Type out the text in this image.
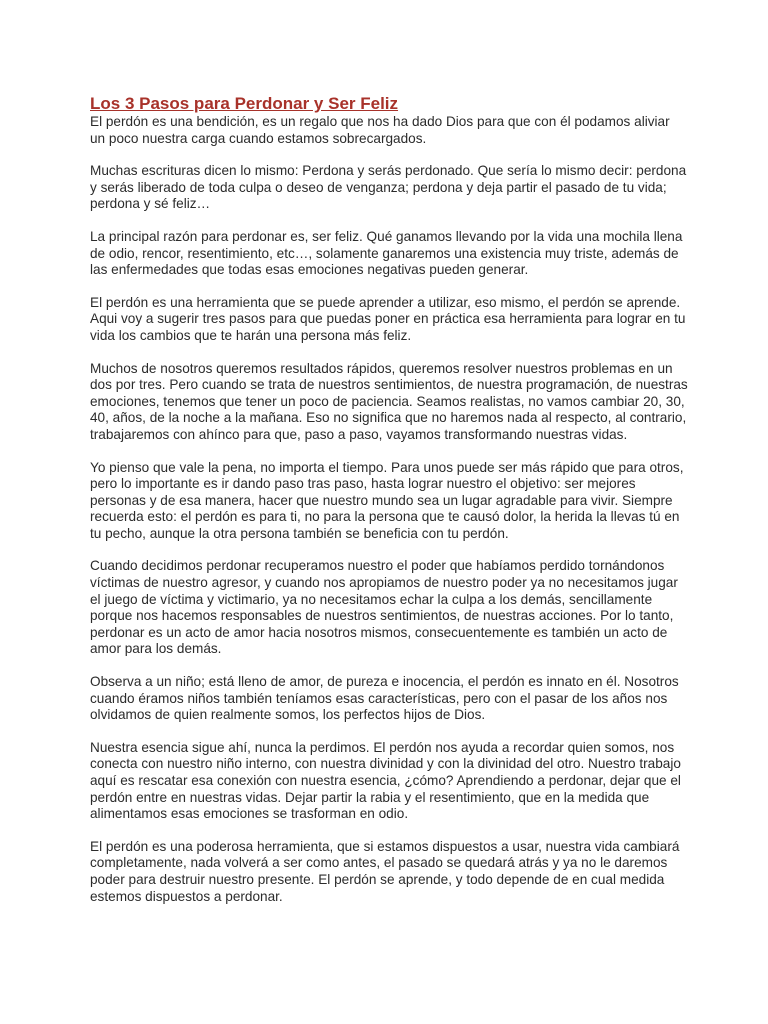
Los 3 Pasos para Perdonar y Ser Feliz

El perdón es una bendición, es un regalo que nos ha dado Dios para que con él podamos aliviar un poco nuestra carga cuando estamos sobrecargados.

Muchas escrituras dicen lo mismo: Perdona y serás perdonado. Que sería lo mismo decir: perdona y serás liberado de toda culpa o deseo de venganza; perdona y deja partir el pasado de tu vida; perdona y sé feliz…

La principal razón para perdonar es, ser feliz. Qué ganamos llevando por la vida una mochila llena de odio, rencor, resentimiento, etc…, solamente ganaremos una existencia muy triste, además de las enfermedades que todas esas emociones negativas pueden generar.

El perdón es una herramienta que se puede aprender a utilizar, eso mismo, el perdón se aprende. Aqui voy a sugerir tres pasos para que puedas poner en práctica esa herramienta para lograr en tu vida los cambios que te harán una persona más feliz.

Muchos de nosotros queremos resultados rápidos, queremos resolver nuestros problemas en un dos por tres. Pero cuando se trata de nuestros sentimientos, de nuestra programación, de nuestras emociones, tenemos que tener un poco de paciencia. Seamos realistas, no vamos cambiar 20, 30, 40, años, de la noche a la mañana. Eso no significa que no haremos nada al respecto, al contrario, trabajaremos con ahínco para que, paso a paso, vayamos transformando nuestras vidas.

Yo pienso que vale la pena, no importa el tiempo. Para unos puede ser más rápido que para otros, pero lo importante es ir dando paso tras paso, hasta lograr nuestro el objetivo: ser mejores personas y de esa manera, hacer que nuestro mundo sea un lugar agradable para vivir. Siempre recuerda esto: el perdón es para ti, no para la persona que te causó dolor, la herida la llevas tú en tu pecho, aunque la otra persona también se beneficia con tu perdón.

Cuando decidimos perdonar recuperamos nuestro el poder que habíamos perdido tornándonos víctimas de nuestro agresor, y cuando nos apropiamos de nuestro poder ya no necesitamos jugar el juego de víctima y victimario, ya no necesitamos echar la culpa a los demás, sencillamente porque nos hacemos responsables de nuestros sentimientos, de nuestras acciones. Por lo tanto, perdonar es un acto de amor hacia nosotros mismos, consecuentemente es también un acto de amor para los demás.

Observa a un niño; está lleno de amor, de pureza e inocencia, el perdón es innato en él. Nosotros cuando éramos niños también teníamos esas características, pero con el pasar de los años nos olvidamos de quien realmente somos, los perfectos hijos de Dios.

Nuestra esencia sigue ahí, nunca la perdimos. El perdón nos ayuda a recordar quien somos, nos conecta con nuestro niño interno, con nuestra divinidad y con la divinidad del otro. Nuestro trabajo aquí es rescatar esa conexión con nuestra esencia, ¿cómo? Aprendiendo a perdonar, dejar que el perdón entre en nuestras vidas. Dejar partir la rabia y el resentimiento, que en la medida que alimentamos esas emociones se trasforman en odio.

El perdón es una poderosa herramienta, que si estamos dispuestos a usar, nuestra vida cambiará completamente, nada volverá a ser como antes, el pasado se quedará atrás y ya no le daremos poder para destruir nuestro presente. El perdón se aprende, y todo depende de en cual medida estemos dispuestos a perdonar.
